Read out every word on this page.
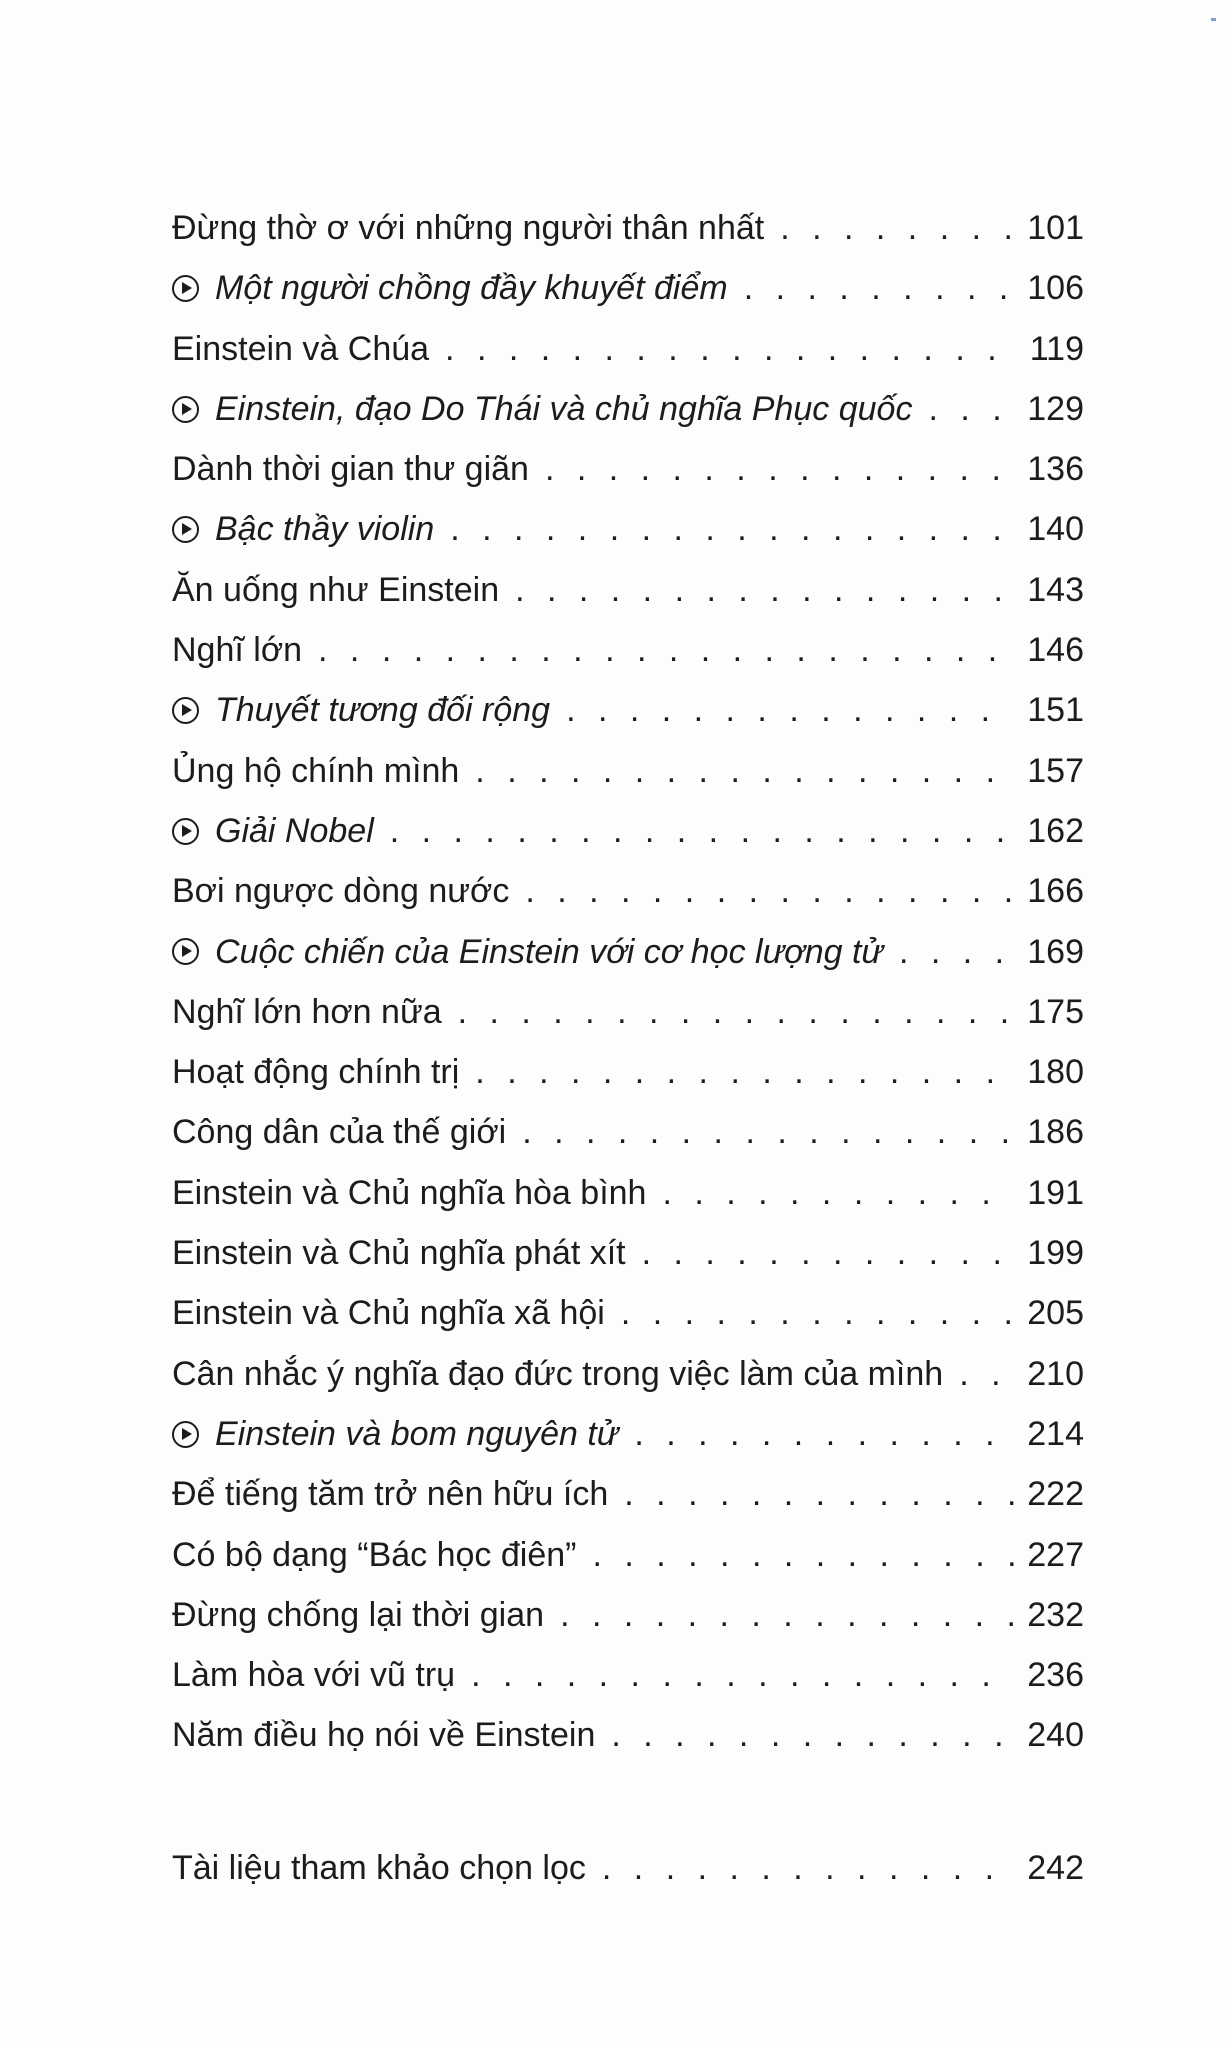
Đừng thờ ơ với những người thân nhất . . .	101
Một người chồng đầy khuyết điểm . . .	106
Einstein và Chúa . . .	119
Einstein, đạo Do Thái và chủ nghĩa Phục quốc . . .	129
Dành thời gian thư giãn . . .	136
Bậc thầy violin . . .	140
Ăn uống như Einstein . . .	143
Nghĩ lớn . . .	146
Thuyết tương đối rộng . . .	151
Ủng hộ chính mình . . .	157
Giải Nobel . . .	162
Bơi ngược dòng nước . . .	166
Cuộc chiến của Einstein với cơ học lượng tử . . .	169
Nghĩ lớn hơn nữa . . .	175
Hoạt động chính trị . . .	180
Công dân của thế giới . . .	186
Einstein và Chủ nghĩa hòa bình . . .	191
Einstein và Chủ nghĩa phát xít . . .	199
Einstein và Chủ nghĩa xã hội . . .	205
Cân nhắc ý nghĩa đạo đức trong việc làm của mình . . . 210
Einstein và bom nguyên tử . . .	214
Để tiếng tăm trở nên hữu ích . . .	222
Có bộ dạng “Bác học điên” . . .	227
Đừng chống lại thời gian . . .	232
Làm hòa với vũ trụ . . .	236
Năm điều họ nói về Einstein . . .	240
Tài liệu tham khảo chọn lọc . . .	242
